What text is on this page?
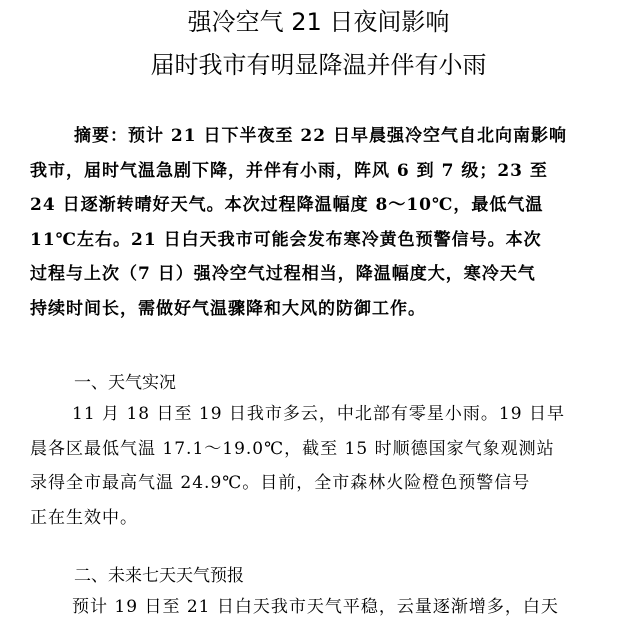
强冷空气 21 日夜间影响
届时我市有明显降温并伴有小雨
摘要：预计 21 日下半夜至 22 日早晨强冷空气自北向南影响
我市，届时气温急剧下降，并伴有小雨，阵风 6 到 7 级；23 至
24 日逐渐转晴好天气。本次过程降温幅度 8～10℃，最低气温
11℃左右。21 日白天我市可能会发布寒冷黄色预警信号。本次
过程与上次（7 日）强冷空气过程相当，降温幅度大，寒冷天气
持续时间长，需做好气温骤降和大风的防御工作。
一、天气实况
11 月 18 日至 19 日我市多云，中北部有零星小雨。19 日早
晨各区最低气温 17.1～19.0℃，截至 15 时顺德国家气象观测站
录得全市最高气温 24.9℃。目前，全市森林火险橙色预警信号
正在生效中。
二、未来七天天气预报
预计 19 日至 21 日白天我市天气平稳，云量逐渐增多，白天
